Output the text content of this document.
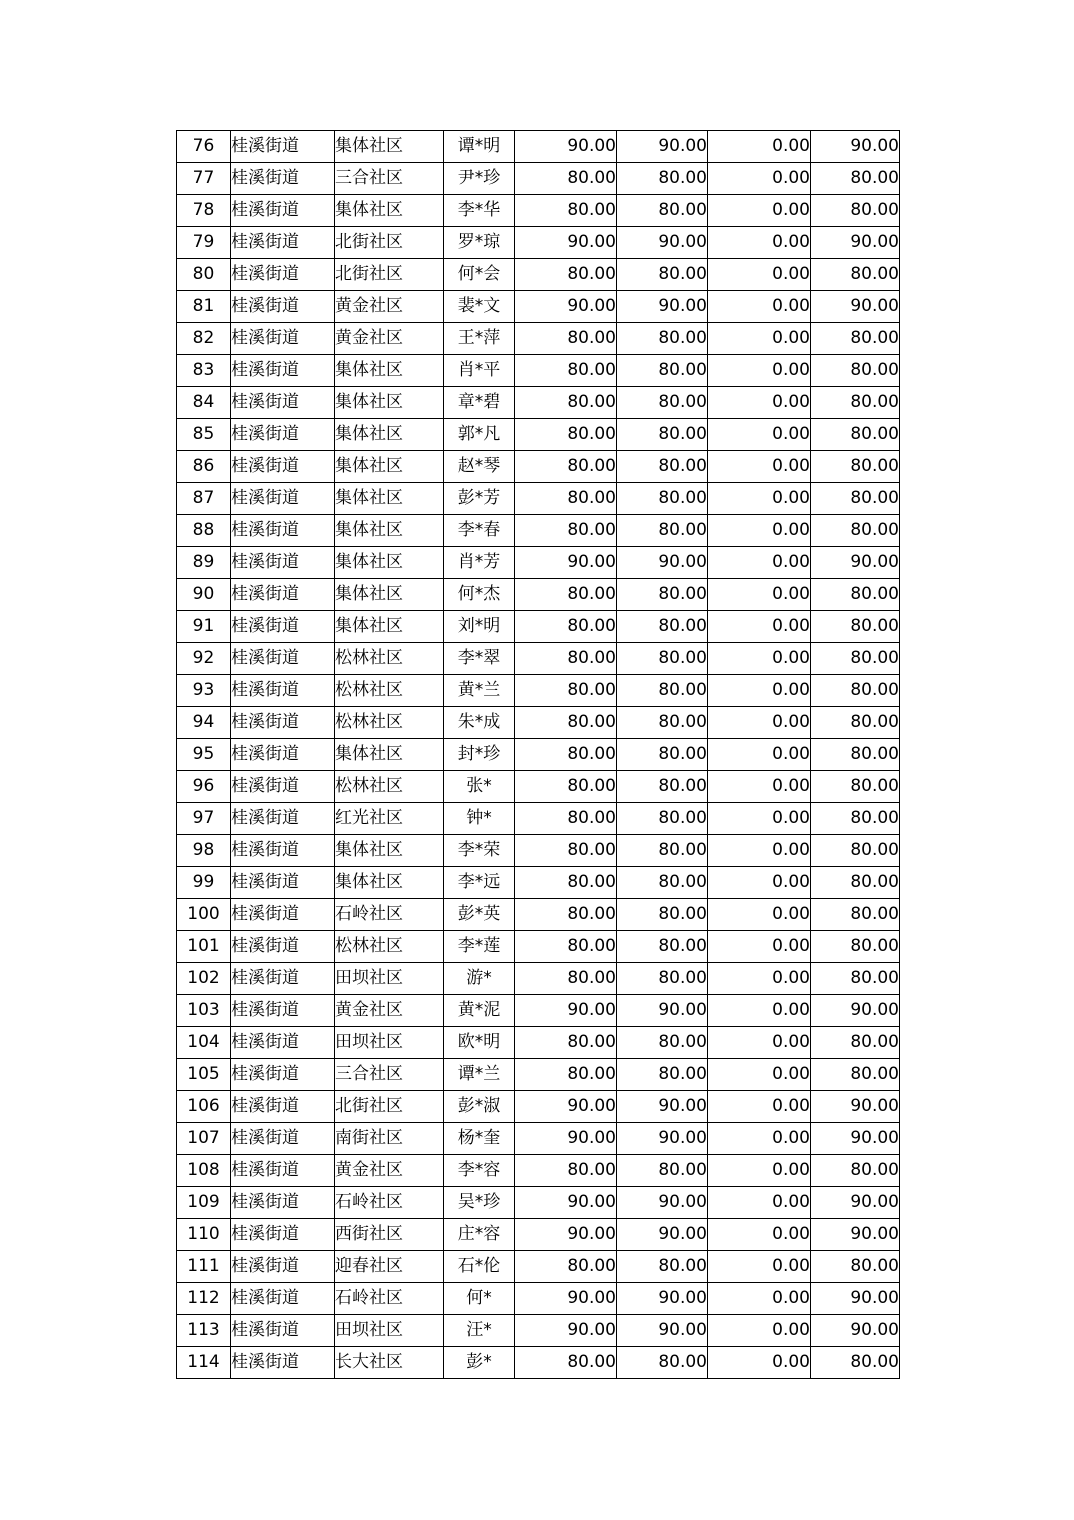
76	桂溪街道	集体社区	谭*明	90.00	90.00	0.00	90.00
77	桂溪街道	三合社区	尹*珍	80.00	80.00	0.00	80.00
78	桂溪街道	集体社区	李*华	80.00	80.00	0.00	80.00
79	桂溪街道	北街社区	罗*琼	90.00	90.00	0.00	90.00
80	桂溪街道	北街社区	何*会	80.00	80.00	0.00	80.00
81	桂溪街道	黄金社区	裴*文	90.00	90.00	0.00	90.00
82	桂溪街道	黄金社区	王*萍	80.00	80.00	0.00	80.00
83	桂溪街道	集体社区	肖*平	80.00	80.00	0.00	80.00
84	桂溪街道	集体社区	章*碧	80.00	80.00	0.00	80.00
85	桂溪街道	集体社区	郭*凡	80.00	80.00	0.00	80.00
86	桂溪街道	集体社区	赵*琴	80.00	80.00	0.00	80.00
87	桂溪街道	集体社区	彭*芳	80.00	80.00	0.00	80.00
88	桂溪街道	集体社区	李*春	80.00	80.00	0.00	80.00
89	桂溪街道	集体社区	肖*芳	90.00	90.00	0.00	90.00
90	桂溪街道	集体社区	何*杰	80.00	80.00	0.00	80.00
91	桂溪街道	集体社区	刘*明	80.00	80.00	0.00	80.00
92	桂溪街道	松林社区	李*翠	80.00	80.00	0.00	80.00
93	桂溪街道	松林社区	黄*兰	80.00	80.00	0.00	80.00
94	桂溪街道	松林社区	朱*成	80.00	80.00	0.00	80.00
95	桂溪街道	集体社区	封*珍	80.00	80.00	0.00	80.00
96	桂溪街道	松林社区	张*	80.00	80.00	0.00	80.00
97	桂溪街道	红光社区	钟*	80.00	80.00	0.00	80.00
98	桂溪街道	集体社区	李*荣	80.00	80.00	0.00	80.00
99	桂溪街道	集体社区	李*远	80.00	80.00	0.00	80.00
100	桂溪街道	石岭社区	彭*英	80.00	80.00	0.00	80.00
101	桂溪街道	松林社区	李*莲	80.00	80.00	0.00	80.00
102	桂溪街道	田坝社区	游*	80.00	80.00	0.00	80.00
103	桂溪街道	黄金社区	黄*泥	90.00	90.00	0.00	90.00
104	桂溪街道	田坝社区	欧*明	80.00	80.00	0.00	80.00
105	桂溪街道	三合社区	谭*兰	80.00	80.00	0.00	80.00
106	桂溪街道	北街社区	彭*淑	90.00	90.00	0.00	90.00
107	桂溪街道	南街社区	杨*奎	90.00	90.00	0.00	90.00
108	桂溪街道	黄金社区	李*容	80.00	80.00	0.00	80.00
109	桂溪街道	石岭社区	吴*珍	90.00	90.00	0.00	90.00
110	桂溪街道	西街社区	庄*容	90.00	90.00	0.00	90.00
111	桂溪街道	迎春社区	石*伦	80.00	80.00	0.00	80.00
112	桂溪街道	石岭社区	何*	90.00	90.00	0.00	90.00
113	桂溪街道	田坝社区	汪*	90.00	90.00	0.00	90.00
114	桂溪街道	长大社区	彭*	80.00	80.00	0.00	80.00
